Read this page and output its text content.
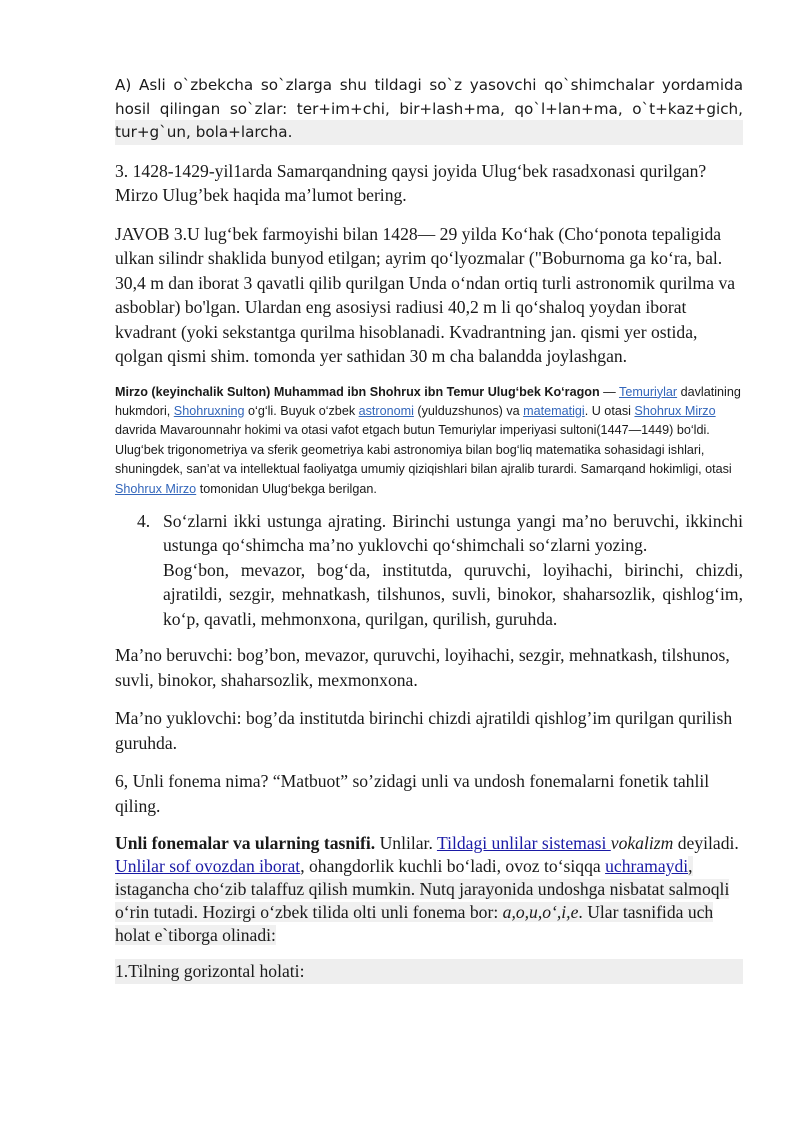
A) Asli o`zbekcha so`zlarga shu tildagi so`z yasovchi qo`shimchalar yordamida hosil qilingan so`zlar: ter+im+chi, bir+lash+ma, qo`l+lan+ma, o`t+kaz+gich, tur+g`un, bola+larcha.

3. 1428-1429-yil1arda Samarqandning qaysi joyida Ulug‘bek rasadxonasi qurilgan? Mirzo Ulug’bek haqida ma’lumot bering.

JAVOB 3.U lug‘bek farmoyishi bilan 1428— 29 yilda Ko‘hak (Cho‘ponota tepaligida ulkan silindr shaklida bunyod etilgan; ayrim qo‘lyozmalar ("Boburnoma ga ko‘ra, bal. 30,4 m dan iborat 3 qavatli qilib qurilgan Unda o‘ndan ortiq turli astronomik qurilma va asboblar) bo'lgan. Ulardan eng asosiysi radiusi 40,2 m li qo‘shaloq yoydan iborat kvadrant (yoki sekstantga qurilma hisoblanadi. Kvadrantning jan. qismi yer ostida, qolgan qismi shim. tomonda yer sathidan 30 m cha balandda joylashgan.

Mirzo (keyinchalik Sulton) Muhammad ibn Shohrux ibn Temur Ulug‘bek Ko‘ragon — Temuriylar davlatining hukmdori, Shohruxning o‘g‘li. Buyuk o‘zbek astronomi (yulduzshunos) va matematigi. U otasi Shohrux Mirzo davrida Mavarounnahr hokimi va otasi vafot etgach butun Temuriylar imperiyasi sultoni(1447—1449) bo‘ldi. Ulug‘bek trigonometriya va sferik geometriya kabi astronomiya bilan bog‘liq matematika sohasidagi ishlari, shuningdek, san’at va intellektual faoliyatga umumiy qiziqishlari bilan ajralib turardi. Samarqand hokimligi, otasi Shohrux Mirzo tomonidan Ulug‘bekga berilgan.

4. So‘zlarni ikki ustunga ajrating. Birinchi ustunga yangi ma’no beruvchi, ikkinchi ustunga qo‘shimcha ma’no yuklovchi qo‘shimchali so‘zlarni yozing.
Bog‘bon, mevazor, bog‘da, institutda, quruvchi, loyihachi, birinchi, chizdi, ajratildi, sezgir, mehnatkash, tilshunos, suvli, binokor, shaharsozlik, qishlog‘im, ko‘p, qavatli, mehmonxona, qurilgan, qurilish, guruhda.

Ma’no beruvchi: bog’bon, mevazor, quruvchi, loyihachi, sezgir, mehnatkash, tilshunos, suvli, binokor, shaharsozlik, mexmonxona.

Ma’no yuklovchi: bog’da institutda birinchi chizdi ajratildi qishlog’im qurilgan qurilish guruhda.

6, Unli fonema nima? “Matbuot” so’zidagi unli va undosh fonemalarni fonetik tahlil qiling.

Unli fonemalar va ularning tasnifi. Unlilar. Tildagi unlilar sistemasi vokalizm deyiladi. Unlilar sof ovozdan iborat, ohangdorlik kuchli bo‘ladi, ovoz to‘siqqa uchramaydi, istagancha cho‘zib talaffuz qilish mumkin. Nutq jarayonida undoshga nisbatat salmoqli o‘rin tutadi. Hozirgi o‘zbek tilida olti unli fonema bor: a,o,u,o‘,i,e. Ular tasnifida uch holat e`tiborga olinadi:

1.Tilning gorizontal holati:
